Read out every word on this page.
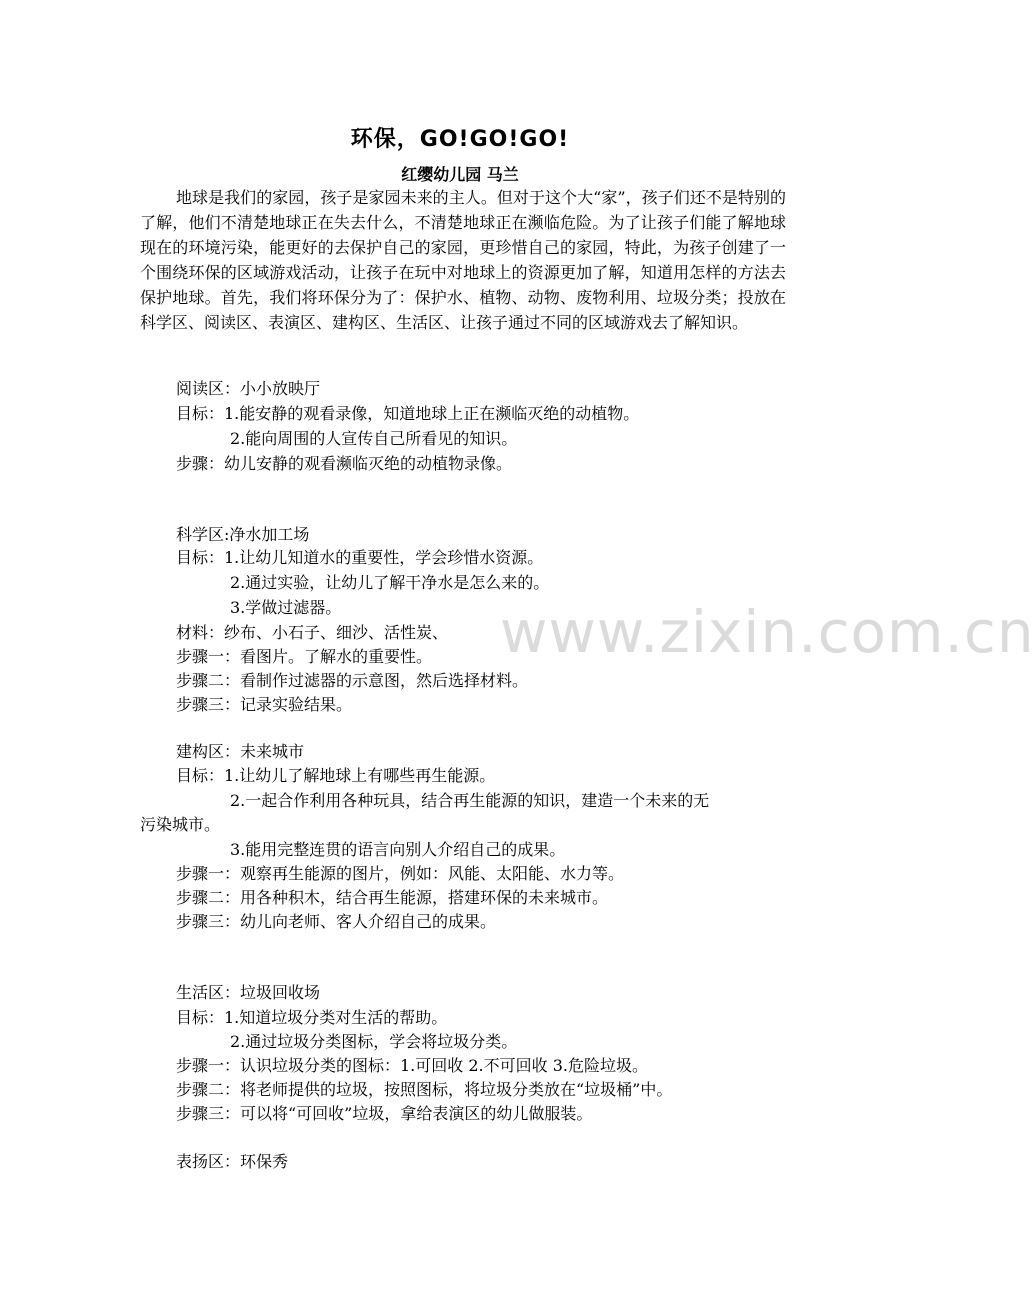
环保，GO!GO!GO!
红缨幼儿园 马兰

地球是我们的家园，孩子是家园未来的主人。但对于这个大“家”，孩子们还不是特别的了解，他们不清楚地球正在失去什么，不清楚地球正在濒临危险。为了让孩子们能了解地球现在的环境污染，能更好的去保护自己的家园，更珍惜自己的家园，特此，为孩子创建了一个围绕环保的区域游戏活动，让孩子在玩中对地球上的资源更加了解，知道用怎样的方法去保护地球。首先，我们将环保分为了：保护水、植物、动物、废物利用、垃圾分类；投放在科学区、阅读区、表演区、建构区、生活区、让孩子通过不同的区域游戏去了解知识。

阅读区：小小放映厅
目标：1.能安静的观看录像，知道地球上正在濒临灭绝的动植物。
2.能向周围的人宣传自己所看见的知识。
步骤：幼儿安静的观看濒临灭绝的动植物录像。
科学区:净水加工场
目标：1.让幼儿知道水的重要性，学会珍惜水资源。
2.通过实验，让幼儿了解干净水是怎么来的。
3.学做过滤器。
材料：纱布、小石子、细沙、活性炭、
步骤一：看图片。了解水的重要性。
步骤二：看制作过滤器的示意图，然后选择材料。
步骤三：记录实验结果。
建构区：未来城市
目标：1.让幼儿了解地球上有哪些再生能源。
2.一起合作利用各种玩具，结合再生能源的知识，建造一个未来的无
污染城市。
3.能用完整连贯的语言向别人介绍自己的成果。
步骤一：观察再生能源的图片，例如：风能、太阳能、水力等。
步骤二：用各种积木，结合再生能源，搭建环保的未来城市。
步骤三：幼儿向老师、客人介绍自己的成果。
生活区：垃圾回收场
目标：1.知道垃圾分类对生活的帮助。
2.通过垃圾分类图标，学会将垃圾分类。
步骤一：认识垃圾分类的图标：1.可回收 2.不可回收 3.危险垃圾。
步骤二：将老师提供的垃圾，按照图标，将垃圾分类放在“垃圾桶”中。
步骤三：可以将“可回收”垃圾，拿给表演区的幼儿做服装。
表扬区：环保秀
www.zixin.com.cn
